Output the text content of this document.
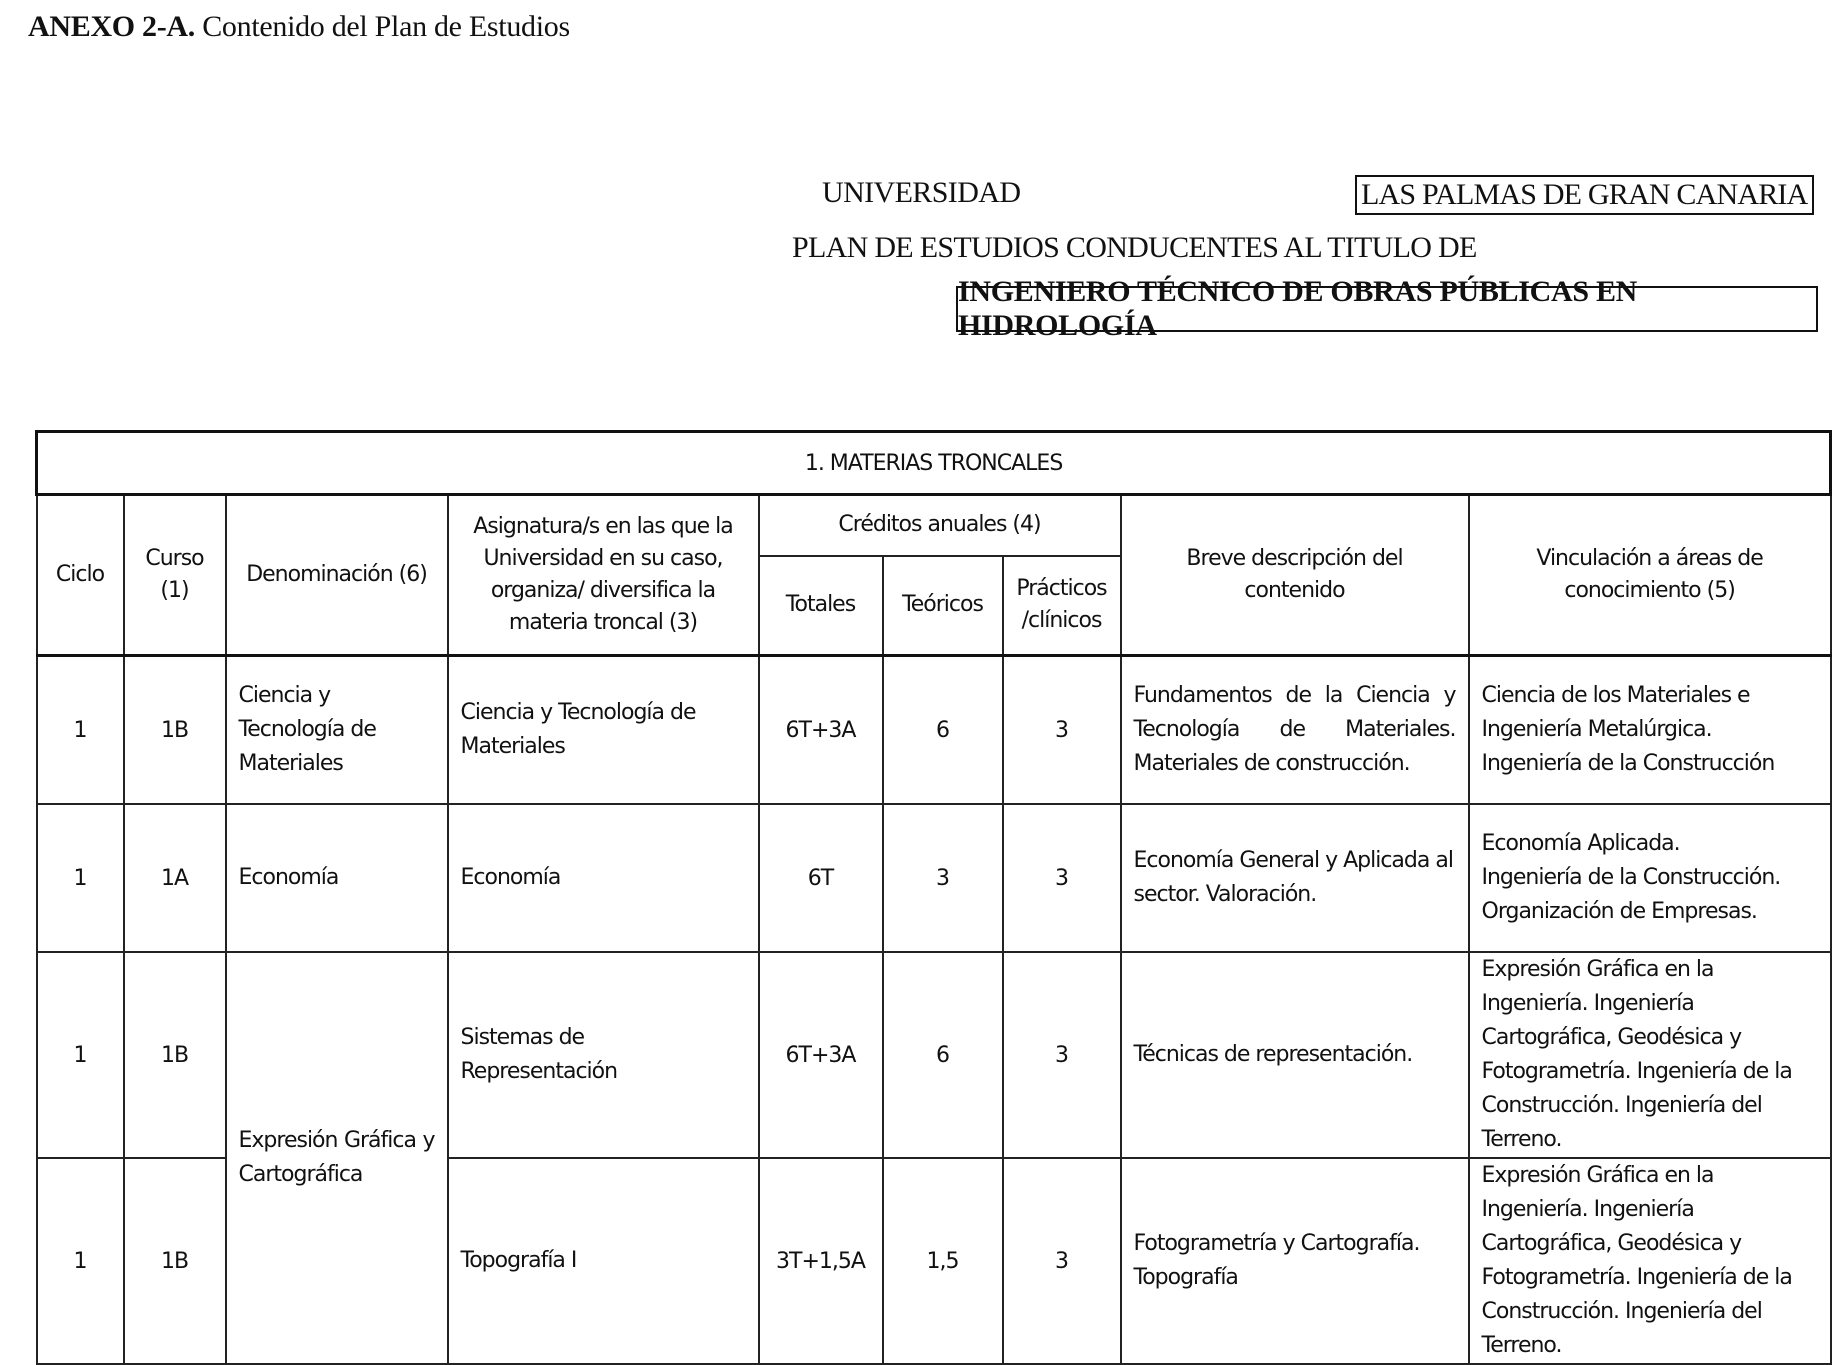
ANEXO 2-A. Contenido del Plan de Estudios
UNIVERSIDAD	LAS PALMAS DE GRAN CANARIA
PLAN DE ESTUDIOS CONDUCENTES AL TITULO DE
INGENIERO TÉCNICO DE OBRAS PÚBLICAS EN HIDROLOGÍA
1. MATERIAS TRONCALES								
Ciclo	Curso (1)	Denominación (6)	Asignatura/s en las que la Universidad en su caso, organiza/ diversifica la materia troncal (3)	Créditos anuales (4)			Breve descripción del contenido	Vinculación a áreas de conocimiento (5)
				Totales	Teóricos	Prácticos /clínicos		
1	1B	Ciencia y Tecnología de Materiales	Ciencia y Tecnología de Materiales	6T+3A	6	3	Fundamentos de la Ciencia y Tecnología de Materiales. Materiales de construcción.	Ciencia de los Materiales e Ingeniería Metalúrgica.
Ingeniería de la Construcción

1	1A	Economía	Economía	6T	3	3	Economía General y Aplicada al sector. Valoración.	Economía Aplicada.
Ingeniería de la Construcción.
Organización de Empresas.

1	1B	Expresión Gráfica y Cartográfica	Sistemas de Representación	6T+3A	6	3	Técnicas de representación.	Expresión Gráfica en la Ingeniería. Ingeniería Cartográfica, Geodésica y Fotogrametría. Ingeniería de la Construcción. Ingeniería del Terreno.

1	1B		Topografía I	3T+1,5A	1,5	3	Fotogrametría y Cartografía. Topografía	Expresión Gráfica en la Ingeniería. Ingeniería Cartográfica, Geodésica y Fotogrametría. Ingeniería de la Construcción. Ingeniería del Terreno.
